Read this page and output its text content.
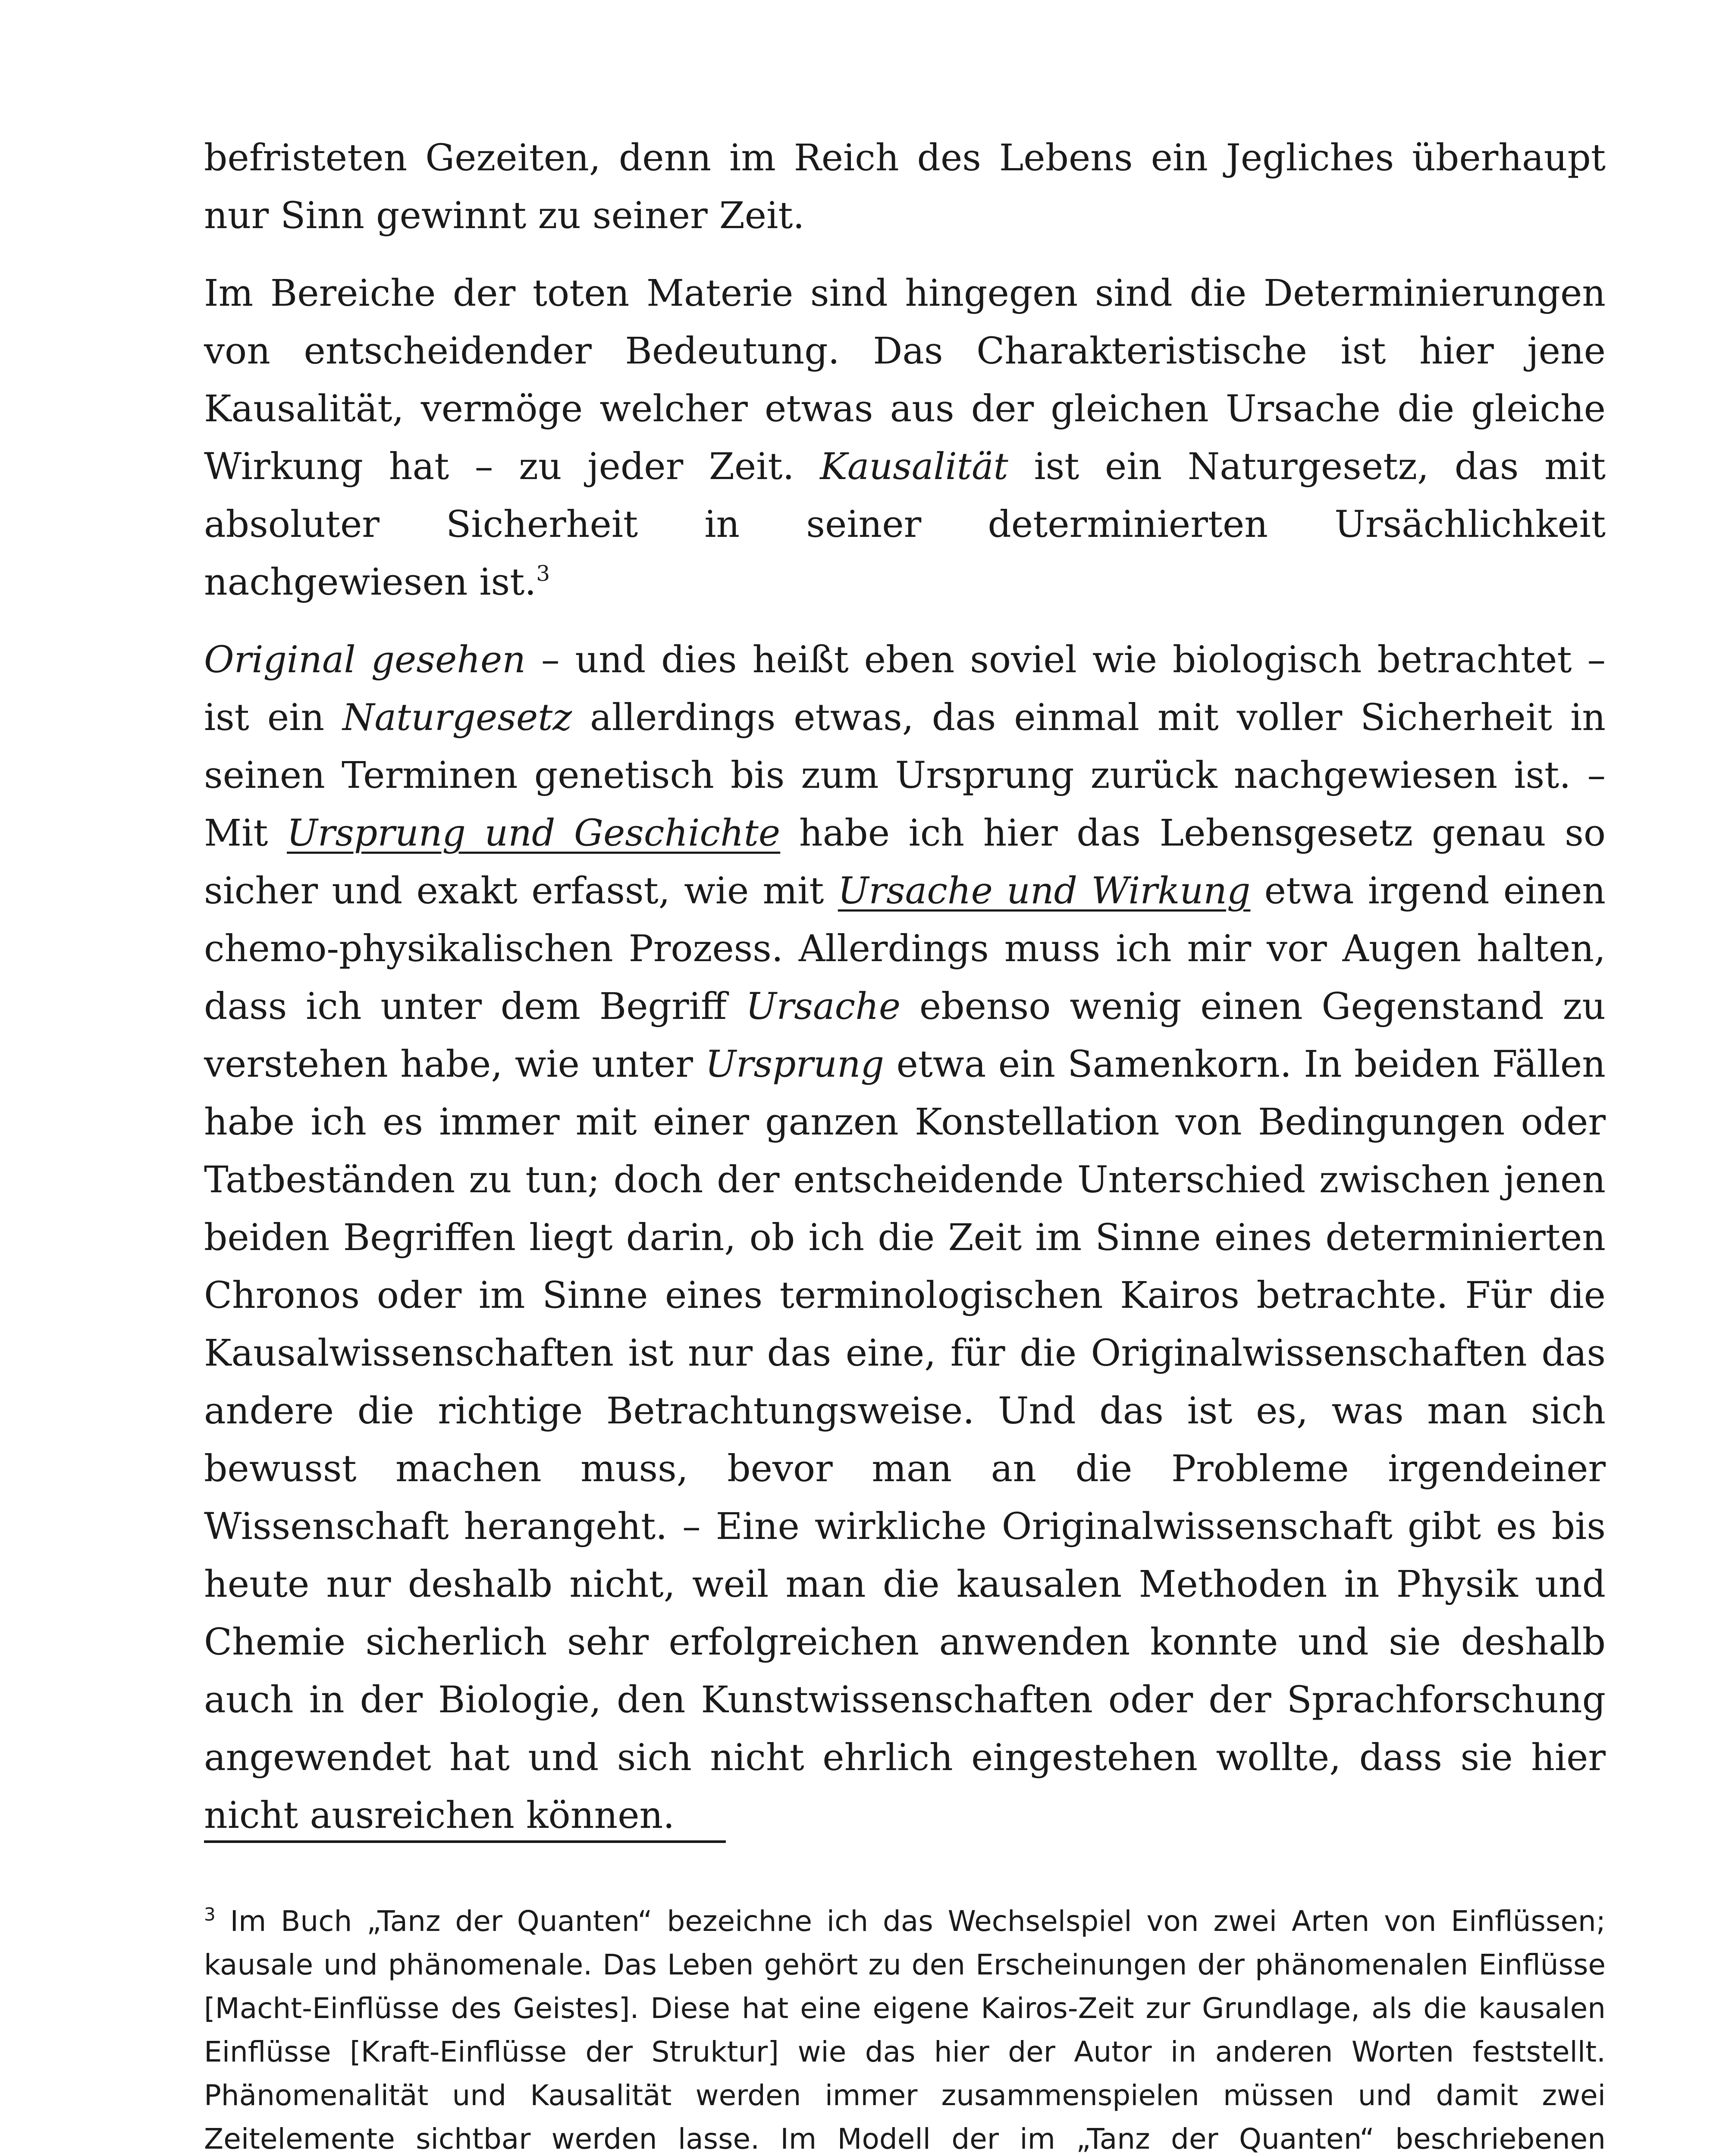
befristeten Gezeiten, denn im Reich des Lebens ein Jegliches überhaupt nur Sinn gewinnt zu seiner Zeit.

Im Bereiche der toten Materie sind hingegen sind die Determinierungen von entscheidender Bedeutung. Das Charakteristische ist hier jene Kausalität, vermöge welcher etwas aus der gleichen Ursache die gleiche Wirkung hat – zu jeder Zeit. Kausalität ist ein Naturgesetz, das mit absoluter Sicherheit in seiner determinierten Ursächlichkeit nachgewiesen ist.$^3$

Original gesehen – und dies heißt eben soviel wie biologisch betrachtet – ist ein Naturgesetz allerdings etwas, das einmal mit voller Sicherheit in seinen Terminen genetisch bis zum Ursprung zurück nachgewiesen ist. – Mit Ursprung und Geschichte habe ich hier das Lebensgesetz genau so sicher und exakt erfasst, wie mit Ursache und Wirkung etwa irgend einen chemo-physikalischen Prozess. Allerdings muss ich mir vor Augen halten, dass ich unter dem Begriff Ursache ebenso wenig einen Gegenstand zu verstehen habe, wie unter Ursprung etwa ein Samenkorn. In beiden Fällen habe ich es immer mit einer ganzen Konstellation von Bedingungen oder Tatbeständen zu tun; doch der entscheidende Unterschied zwischen jenen beiden Begriffen liegt darin, ob ich die Zeit im Sinne eines determinierten Chronos oder im Sinne eines terminologischen Kairos betrachte. Für die Kausalwissenschaften ist nur das eine, für die Originalwissenschaften das andere die richtige Betrachtungsweise. Und das ist es, was man sich bewusst machen muss, bevor man an die Probleme irgendeiner Wissenschaft herangeht. – Eine wirkliche Originalwissenschaft gibt es bis heute nur deshalb nicht, weil man die kausalen Methoden in Physik und Chemie sicherlich sehr erfolgreichen anwenden konnte und sie deshalb auch in der Biologie, den Kunstwissenschaften oder der Sprachforschung angewendet hat und sich nicht ehrlich eingestehen wollte, dass sie hier nicht ausreichen können.

$^3$ Im Buch „Tanz der Quanten“ bezeichne ich das Wechselspiel von zwei Arten von Einflüssen; kausale und phänomenale. Das Leben gehört zu den Erscheinungen der phänomenalen Einflüsse [Macht-Einflüsse des Geistes]. Diese hat eine eigene Kairos-Zeit zur Grundlage, als die kausalen Einflüsse [Kraft-Einflüsse der Struktur] wie das hier der Autor in anderen Worten feststellt. Phänomenalität und Kausalität werden immer zusammenspielen müssen und damit zwei Zeitelemente sichtbar werden lasse. Im Modell der im „Tanz der Quanten“ beschriebenen
